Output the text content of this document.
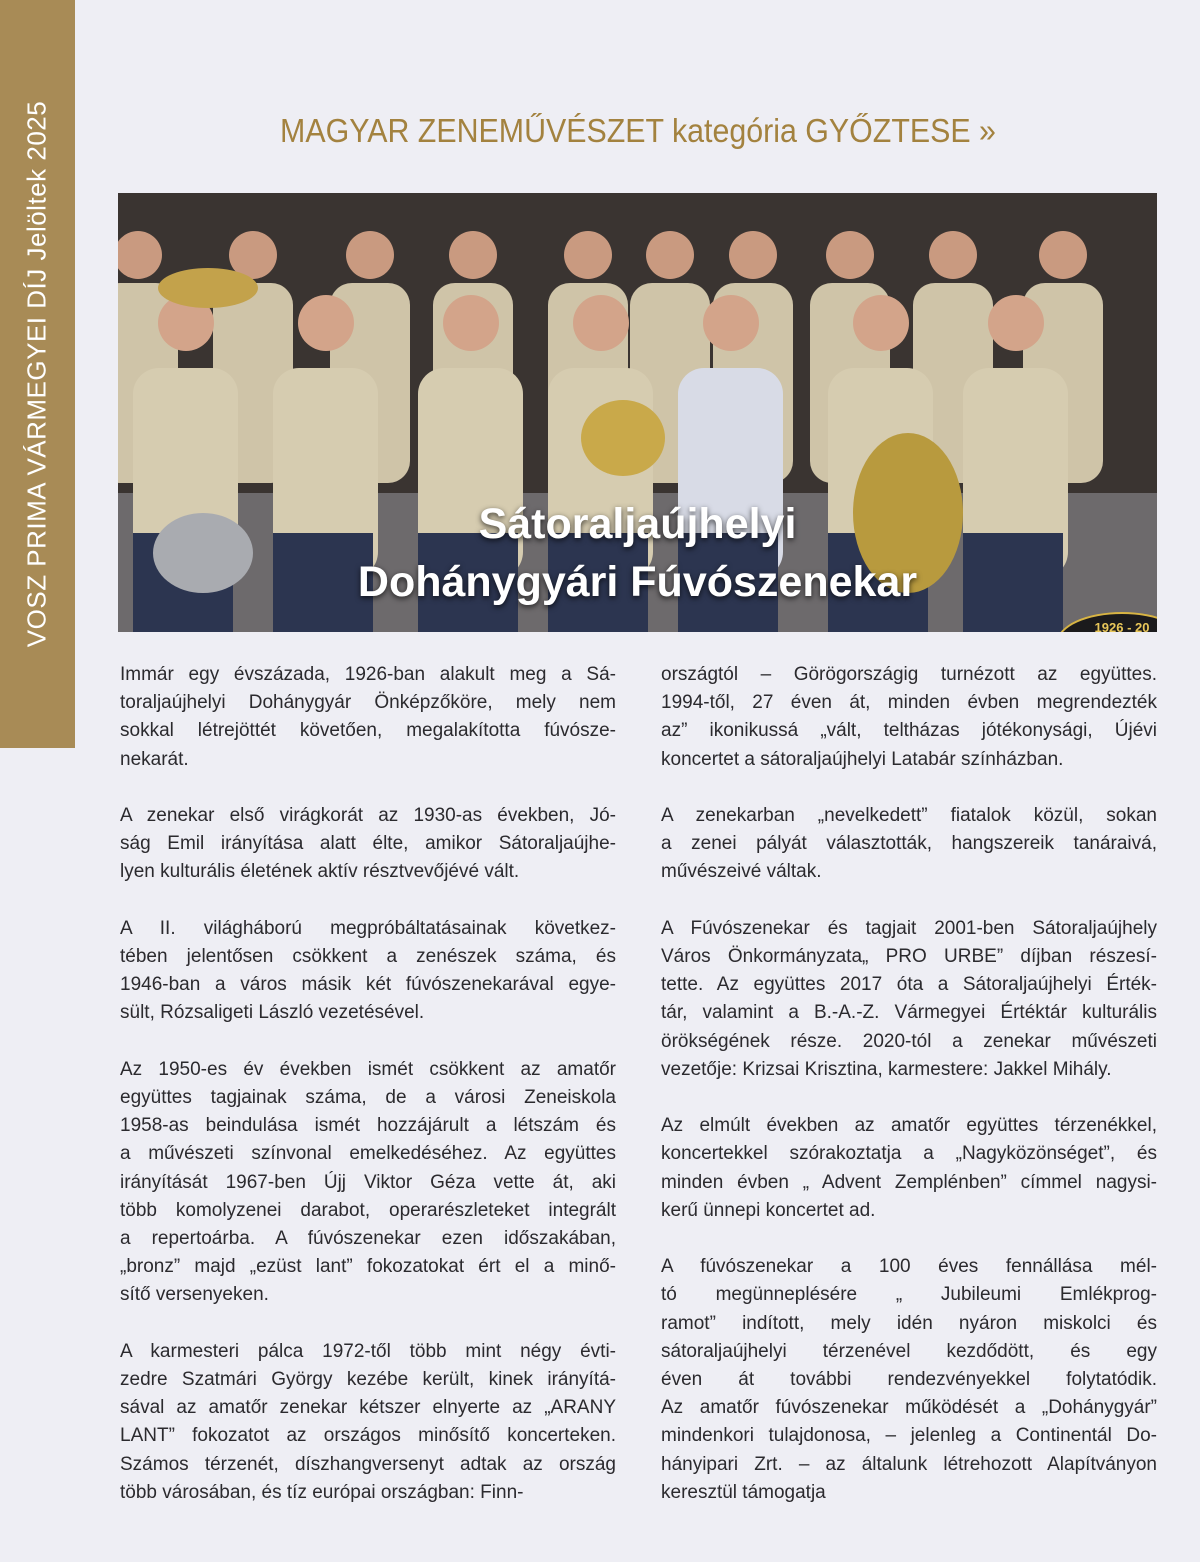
VOSZ PRIMA VÁRMEGYEI DÍJ Jelöltek 2025	MAGYAR ZENEMŰVÉSZET kategória GYŐZTESE »
Sátoraljaújhelyi
Dohánygyári Fúvószenekar
1926 - 20
Immár egy évszázada, 1926-ban alakult meg a Sá-
toraljaújhelyi Dohánygyár Önképzőköre, mely nem
sokkal létrejöttét követően, megalakította fúvósze-
nekarát.
A zenekar első virágkorát az 1930-as években, Jó-
ság Emil irányítása alatt élte, amikor Sátoraljaújhe-
lyen kulturális életének aktív résztvevőjévé vált.
A II. világháború megpróbáltatásainak következ-
tében jelentősen csökkent a zenészek száma, és
1946-ban a város másik két fúvószenekarával egye-
sült, Rózsaligeti László vezetésével.
Az 1950-es év években ismét csökkent az amatőr
együttes tagjainak száma, de a városi Zeneiskola
1958-as beindulása ismét hozzájárult a létszám és
a művészeti színvonal emelkedéséhez. Az együttes
irányítását 1967-ben Újj Viktor Géza vette át, aki
több komolyzenei darabot, operarészleteket integrált
a repertoárba. A fúvószenekar ezen időszakában,
„bronz” majd „ezüst lant” fokozatokat ért el a minő-
sítő versenyeken.
A karmesteri pálca 1972-től több mint négy évti-
zedre Szatmári György kezébe került, kinek irányítá-
sával az amatőr zenekar kétszer elnyerte az „ARANY
LANT” fokozatot az országos minősítő koncerteken.
Számos térzenét, díszhangversenyt adtak az ország
több városában, és tíz európai országban: Finn-
országtól – Görögországig turnézott az együttes.
1994-től, 27 éven át, minden évben megrendezték
az” ikonikussá „vált, teltházas jótékonysági, Újévi
koncertet a sátoraljaújhelyi Latabár színházban.
A zenekarban „nevelkedett” fiatalok közül, sokan
a zenei pályát választották, hangszereik tanáraivá,
művészeivé váltak.
A Fúvószenekar és tagjait 2001-ben Sátoraljaújhely
Város Önkormányzata„ PRO URBE” díjban részesí-
tette. Az együttes 2017 óta a Sátoraljaújhelyi Érték-
tár, valamint a B.-A.-Z. Vármegyei Értéktár kulturális
örökségének része. 2020-tól a zenekar művészeti
vezetője: Krizsai Krisztina, karmestere: Jakkel Mihály.
Az elmúlt években az amatőr együttes térzenékkel,
koncertekkel szórakoztatja a „Nagyközönséget”, és
minden évben „ Advent Zemplénben” címmel nagysi-
kerű ünnepi koncertet ad.
A fúvószenekar a 100 éves fennállása mél-
tó megünneplésére „ Jubileumi Emlékprog-
ramot” indított, mely idén nyáron miskolci és
sátoraljaújhelyi térzenével kezdődött, és egy
éven át további rendezvényekkel folytatódik.
Az amatőr fúvószenekar működését a „Dohánygyár”
mindenkori tulajdonosa, – jelenleg a Continentál Do-
hányipari Zrt. – az általunk létrehozott Alapítványon
keresztül támogatja
